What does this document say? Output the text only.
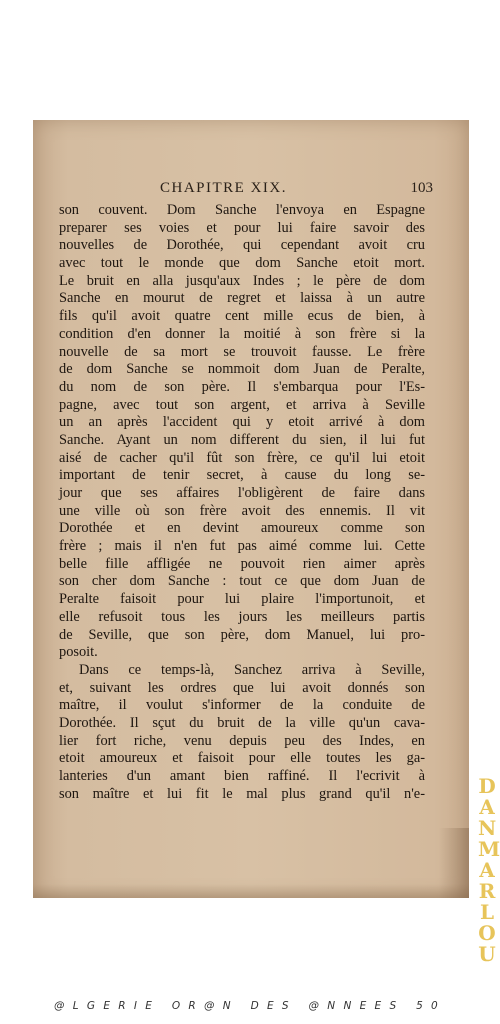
CHAPITRE XIX.	103
son couvent. Dom Sanche l'envoya en Espagne
preparer ses voies et pour lui faire savoir des
nouvelles de Dorothée, qui cependant avoit cru
avec tout le monde que dom Sanche etoit mort.
Le bruit en alla jusqu'aux Indes ; le père de dom
Sanche en mourut de regret et laissa à un autre
fils qu'il avoit quatre cent mille ecus de bien, à
condition d'en donner la moitié à son frère si la
nouvelle de sa mort se trouvoit fausse. Le frère
de dom Sanche se nommoit dom Juan de Peralte,
du nom de son père. Il s'embarqua pour l'Es-
pagne, avec tout son argent, et arriva à Seville
un an après l'accident qui y etoit arrivé à dom
Sanche. Ayant un nom different du sien, il lui fut
aisé de cacher qu'il fût son frère, ce qu'il lui etoit
important de tenir secret, à cause du long se-
jour que ses affaires l'obligèrent de faire dans
une ville où son frère avoit des ennemis. Il vit
Dorothée et en devint amoureux comme son
frère ; mais il n'en fut pas aimé comme lui. Cette
belle fille affligée ne pouvoit rien aimer après
son cher dom Sanche : tout ce que dom Juan de
Peralte faisoit pour lui plaire l'importunoit, et
elle refusoit tous les jours les meilleurs partis
de Seville, que son père, dom Manuel, lui pro-
posoit.
Dans ce temps-là, Sanchez arriva à Seville,
et, suivant les ordres que lui avoit donnés son
maître, il voulut s'informer de la conduite de
Dorothée. Il sçut du bruit de la ville qu'un cava-
lier fort riche, venu depuis peu des Indes, en
etoit amoureux et faisoit pour elle toutes les ga-
lanteries d'un amant bien raffiné. Il l'ecrivit à
son maître et lui fit le mal plus grand qu'il n'e-	DANMARLOU
@LGERIE OR@N DES @NNEES 50
